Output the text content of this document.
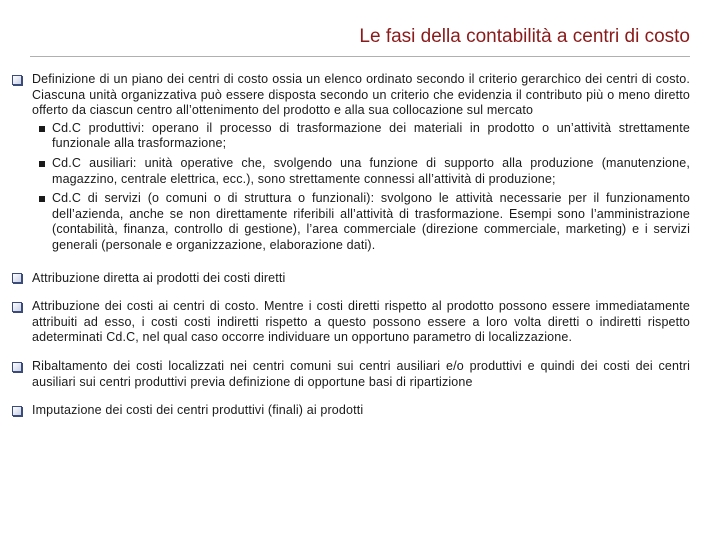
Le fasi della contabilità a centri di costo
Definizione di un piano dei centri di costo ossia un elenco ordinato secondo il criterio gerarchico dei centri di costo. Ciascuna unità organizzativa può essere disposta secondo un criterio che evidenzia il contributo più o meno diretto offerto da ciascun centro all’ottenimento del prodotto e alla sua collocazione sul mercato
Cd.C produttivi: operano il processo di trasformazione dei materiali in prodotto o un’attività strettamente funzionale alla trasformazione;
Cd.C ausiliari: unità operative che, svolgendo una funzione di supporto alla produzione (manutenzione, magazzino, centrale elettrica, ecc.), sono strettamente connessi all’attività di produzione;
Cd.C di servizi (o comuni o di struttura o funzionali): svolgono le attività necessarie per il funzionamento dell’azienda, anche se non direttamente riferibili all’attività di trasformazione. Esempi sono l’amministrazione (contabilità, finanza, controllo di gestione), l’area commerciale (direzione commerciale, marketing) e i servizi generali (personale e organizzazione, elaborazione dati).
Attribuzione diretta ai prodotti dei costi diretti
Attribuzione dei costi ai centri di costo. Mentre i costi diretti rispetto al prodotto possono essere immediatamente attribuiti ad esso, i costi costi indiretti rispetto a questo possono essere a loro volta diretti o indiretti rispetto adeterminati Cd.C, nel qual caso occorre individuare un opportuno parametro di localizzazione.
Ribaltamento dei costi localizzati nei centri comuni sui centri ausiliari e/o produttivi e quindi dei costi dei centri ausiliari sui centri produttivi previa definizione di opportune basi di ripartizione
Imputazione dei costi dei centri produttivi (finali) ai prodotti
